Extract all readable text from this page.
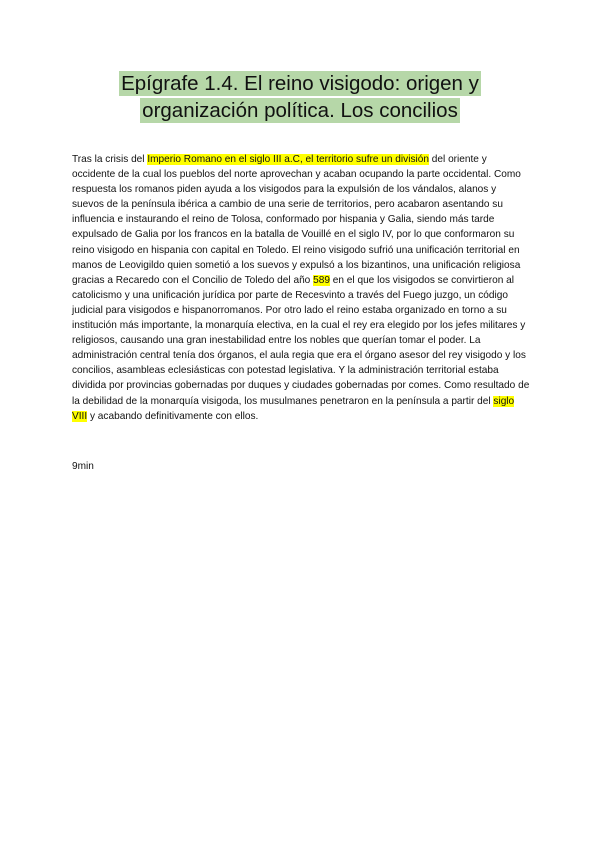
Epígrafe 1.4. El reino visigodo: origen y
organización política. Los concilios

Tras la crisis del Imperio Romano en el siglo III a.C, el territorio sufre un división del oriente y occidente de la cual los pueblos del norte aprovechan y acaban ocupando la parte occidental. Como respuesta los romanos piden ayuda a los visigodos para la expulsión de los vándalos, alanos y suevos de la península ibérica a cambio de una serie de territorios, pero acabaron asentando su influencia e instaurando el reino de Tolosa, conformado por hispania y Galia, siendo más tarde expulsado de Galia por los francos en la batalla de Vouillé en el siglo IV, por lo que conformaron su reino visigodo en hispania con capital en Toledo. El reino visigodo sufrió una unificación territorial en manos de Leovigildo quien sometió a los suevos y expulsó a los bizantinos, una unificación religiosa gracias a Recaredo con el Concilio de Toledo del año 589 en el que los visigodos se convirtieron al catolicismo y una unificación jurídica por parte de Recesvinto a través del Fuego juzgo, un código judicial para visigodos e hispanorromanos. Por otro lado el reino estaba organizado en torno a su institución más importante, la monarquía electiva, en la cual el rey era elegido por los jefes militares y religiosos, causando una gran inestabilidad entre los nobles que querían tomar el poder. La administración central tenía dos órganos, el aula regia que era el órgano asesor del rey visigodo y los concilios, asambleas eclesiásticas con potestad legislativa. Y la administración territorial estaba dividida por provincias gobernadas por duques y ciudades gobernadas por comes. Como resultado de la debilidad de la monarquía visigoda, los musulmanes penetraron en la península a partir del siglo VIII y acabando definitivamente con ellos.

9min
